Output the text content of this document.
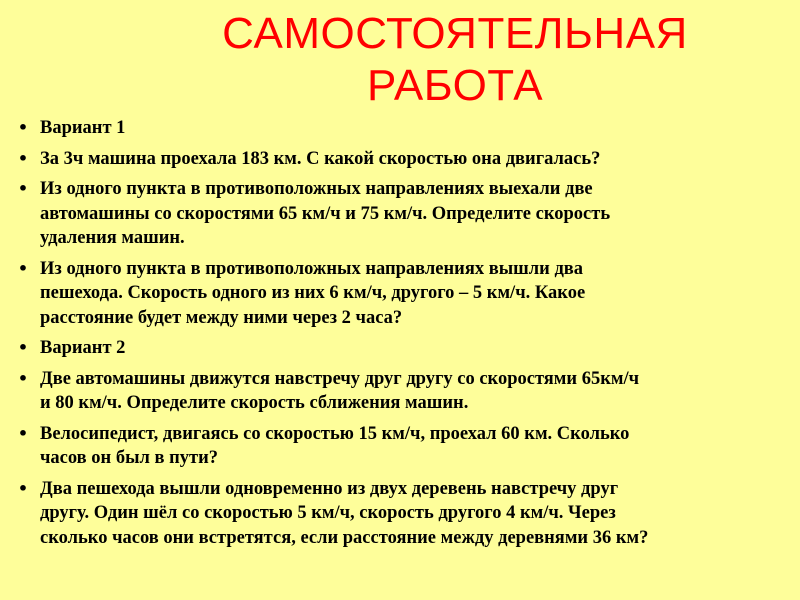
САМОСТОЯТЕЛЬНАЯ
РАБОТА
• Вариант 1
• За 3ч машина проехала 183 км. С какой скоростью она двигалась?
• Из одного пункта в противоположных направлениях выехали две
автомашины со скоростями 65 км/ч и 75 км/ч. Определите скорость
удаления машин.
• Из одного пункта в противоположных направлениях вышли два
пешехода. Скорость одного из них 6 км/ч, другого – 5 км/ч. Какое
расстояние будет между ними через 2 часа?
• Вариант 2
• Две автомашины движутся навстречу друг другу со скоростями 65км/ч
и 80 км/ч. Определите скорость сближения машин.
• Велосипедист, двигаясь со скоростью 15 км/ч, проехал 60 км. Сколько
часов он был в пути?
• Два пешехода вышли одновременно из двух деревень навстречу друг
другу. Один шёл со скоростью 5 км/ч, скорость другого 4 км/ч. Через
сколько часов они встретятся, если расстояние между деревнями 36 км?
